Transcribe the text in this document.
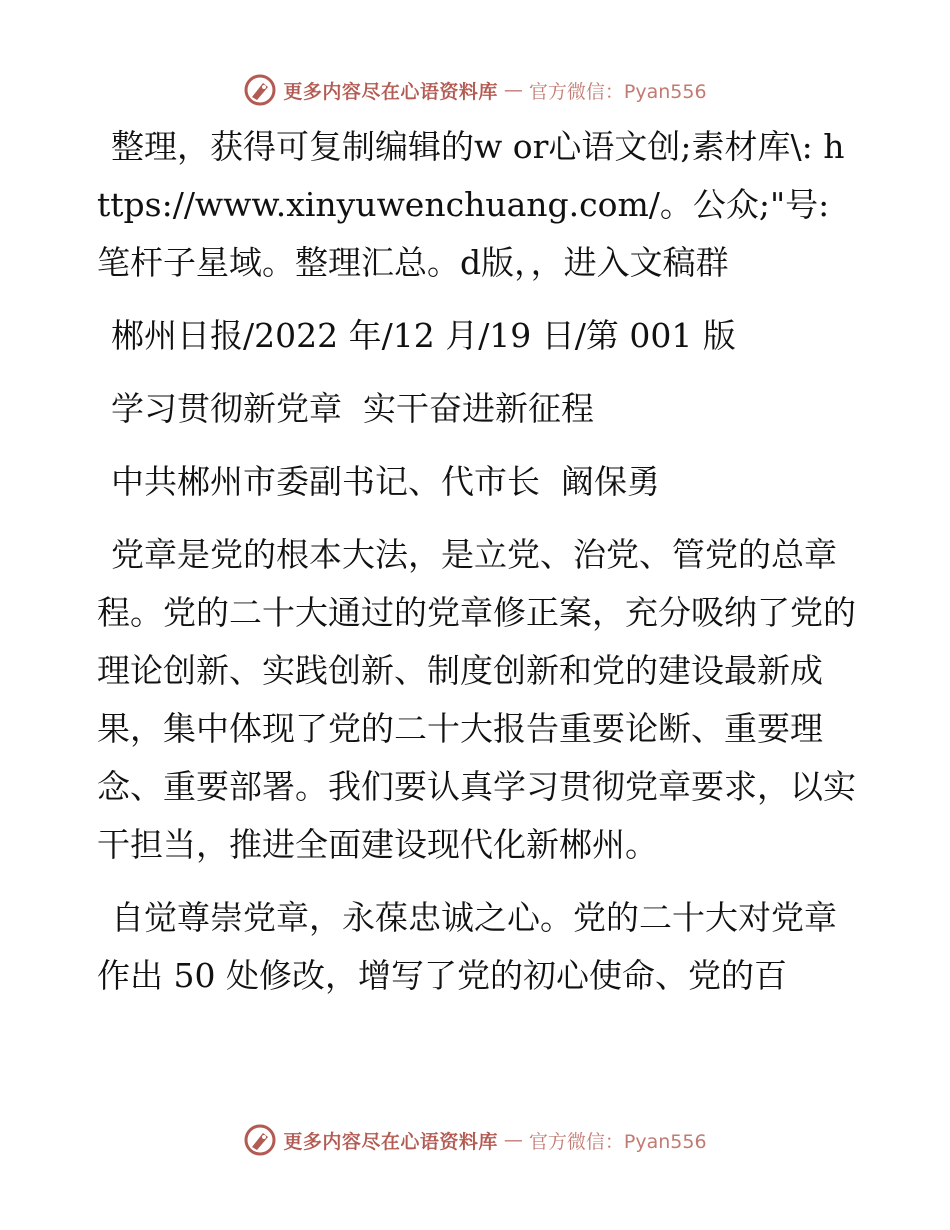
更多内容尽在心语资料库 — 官方微信：Pyan556

整理，获得可复制编辑的w or心语文创;素材库\: https://www.xinyuwenchuang.com/。公众;"号: 笔杆子星域。整理汇总。d版，，进入文稿群

郴州日报/2022 年/12 月/19 日/第 001 版

学习贯彻新党章  实干奋进新征程

中共郴州市委副书记、代市长  阚保勇

党章是党的根本大法，是立党、治党、管党的总章程。党的二十大通过的党章修正案，充分吸纳了党的理论创新、实践创新、制度创新和党的建设最新成果，集中体现了党的二十大报告重要论断、重要理念、重要部署。我们要认真学习贯彻党章要求，以实干担当，推进全面建设现代化新郴州。

自觉尊崇党章，永葆忠诚之心。党的二十大对党章作出 50 处修改，增写了党的初心使命、党的百

更多内容尽在心语资料库 — 官方微信：Pyan556
